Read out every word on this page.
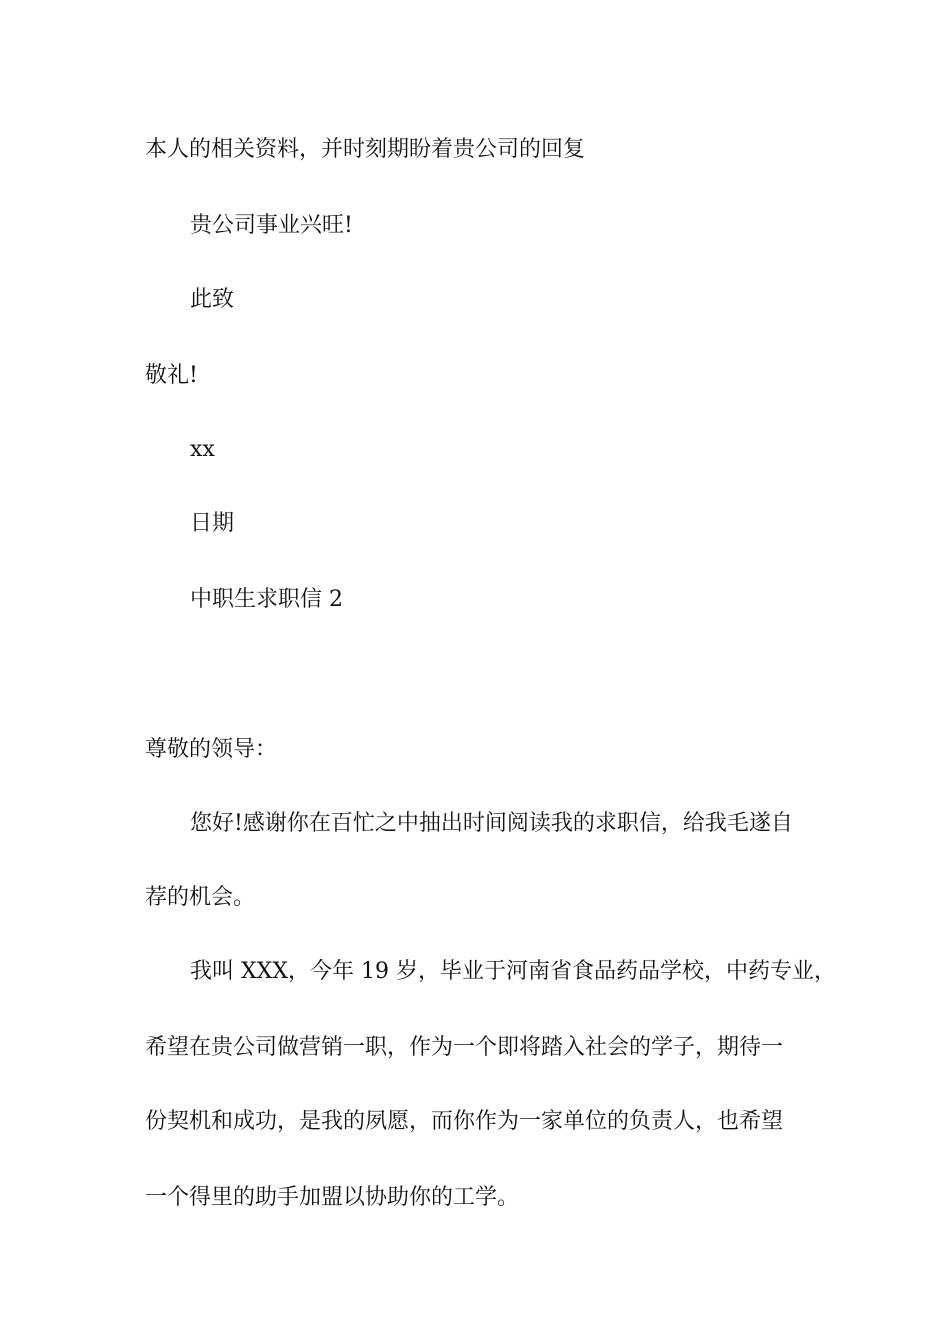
本人的相关资料，并时刻期盼着贵公司的回复
贵公司事业兴旺!
此致
敬礼!
xx
日期
中职生求职信 2
尊敬的领导：
您好!感谢你在百忙之中抽出时间阅读我的求职信，给我毛遂自
荐的机会。
我叫 XXX，今年 19 岁，毕业于河南省食品药品学校，中药专业，
希望在贵公司做营销一职，作为一个即将踏入社会的学子，期待一
份契机和成功，是我的夙愿，而你作为一家单位的负责人，也希望
一个得里的助手加盟以协助你的工学。
